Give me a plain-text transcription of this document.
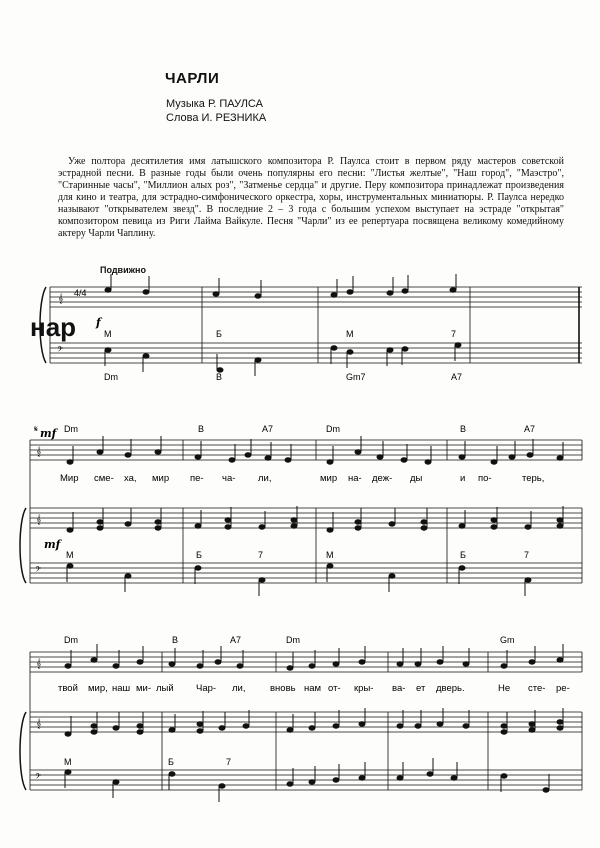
ЧАРЛИ
Музыка Р. ПАУЛСА
Слова И. РЕЗНИКА
Уже полтора десятилетия имя латышского композитора Р. Паулса стоит в первом ряду мастеров советской эстрадной песни. В разные годы были очень популярны его песни: "Листья желтые", "Наш город", "Маэстро", "Старинные часы", "Миллион алых роз", "Затменье сердца" и другие. Перу композитора принадлежат произведения для кино и театра, для эстрадно-симфонического оркестра, хоры, инструментальных миниатюры. Р. Паулса нередко называют "открывателем звезд". В последние 2 – 3 года с большим успехом выступает на эстраде "открытая" композитором певица из Риги Лайма Вайкуле. Песня "Чарли" из ее репертуара посвящена великому комедийному актеру Чарли Чаплину.
Подвижно
нар
𝄞
𝄢
4/4
f
М	Б	М	7
Dm	B	Gm7	A7
𝄞
𝄞
𝄢
𝄋 mf
mf
Dm	B	A7	Dm	B	A7
Мир сме- ха, мир пе- ча- ли,	мир на- деж- ды	и по-	терь,
М	Б	7	М	Б	7
𝄞
𝄞
𝄢
Dm	B	A7	Dm	Gm
твой мир, наш ми- лый Чар- ли,	вновь нам от- кры- ва- ет дверь.	Не сте- ре-
М	Б	7
